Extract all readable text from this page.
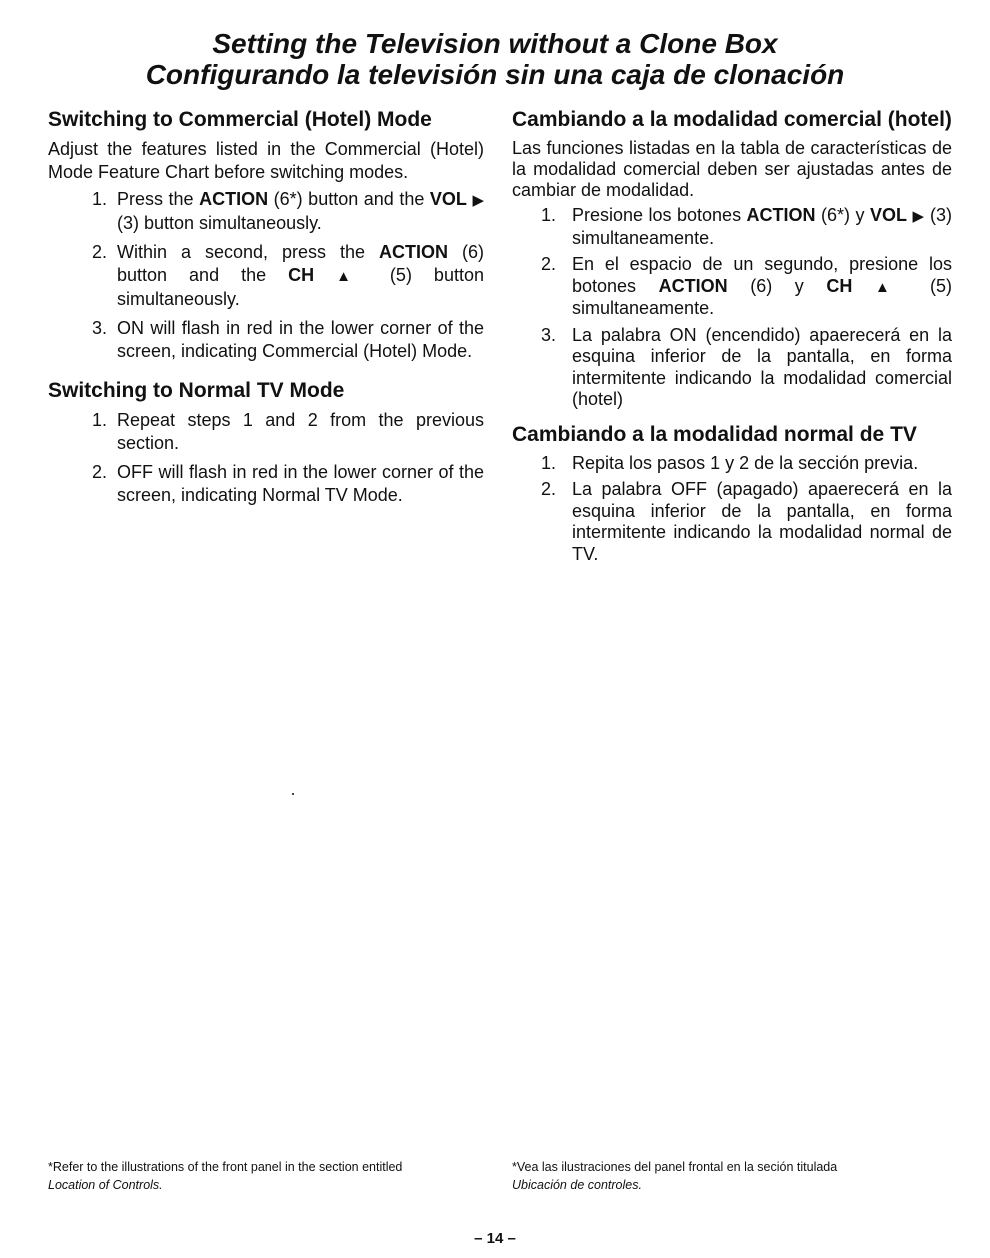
Setting the Television without a Clone Box
Configurando la televisión sin una caja de clonación
Switching to Commercial (Hotel) Mode

Adjust the features listed in the Commercial (Hotel) Mode Feature Chart before switching modes.

1. Press the ACTION (6*) button and the VOL ▶ (3) button simultaneously.
2. Within a second, press the ACTION (6) button and the CH ▲ (5) button simultaneously.
3. ON will flash in red in the lower corner of the screen, indicating Commercial (Hotel) Mode.
Switching to Normal TV Mode
1. Repeat steps 1 and 2 from the previous section.
2. OFF will flash in red in the lower corner of the screen, indicating Normal TV Mode.
Cambiando a la modalidad comercial (hotel)

Las funciones listadas en la tabla de características de la modalidad comercial deben ser ajustadas antes de cambiar de modalidad.

1. Presione los botones ACTION (6*) y VOL ▶ (3) simultaneamente.
2. En el espacio de un segundo, presione los botones ACTION (6) y CH ▲ (5) simultaneamente.
3. La palabra ON (encendido) apaerecerá en la esquina inferior de la pantalla, en forma intermitente indicando la modalidad comercial (hotel)
Cambiando a la modalidad normal de TV
1. Repita los pasos 1 y 2 de la sección previa.
2. La palabra OFF (apagado) apaerecerá en la esquina inferior de la pantalla, en forma intermitente indicando la modalidad normal de TV.
*Refer to the illustrations of the front panel in the section entitled
Location of Controls.
*Vea las ilustraciones del panel frontal en la seción titulada
Ubicación de controles.
– 14 –
